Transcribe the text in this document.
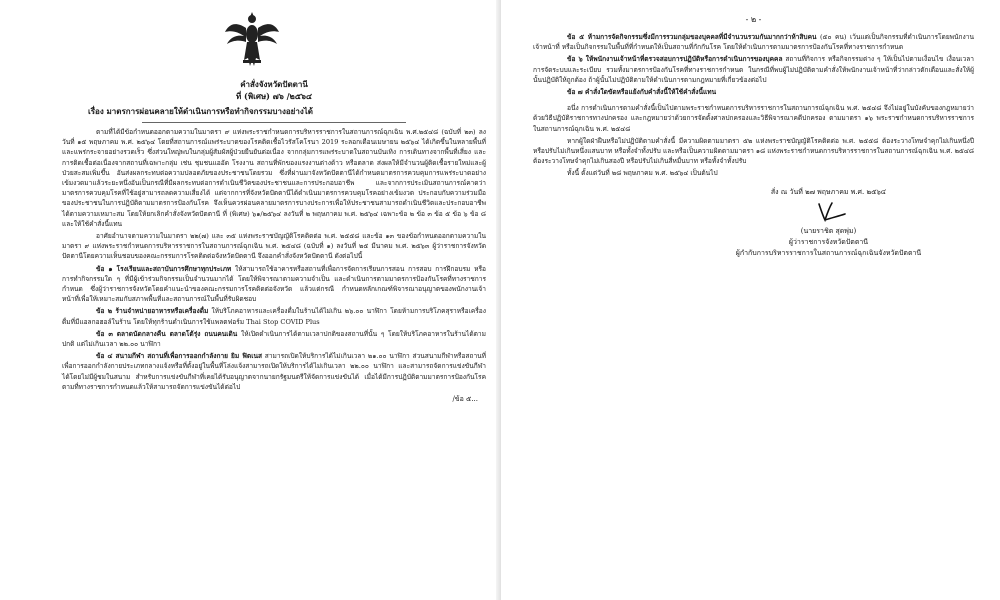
คำสั่งจังหวัดปัตตานี
ที่ (พิเศษ) ๗๖ /๒๕๖๔
เรื่อง มาตรการผ่อนคลายให้ดำเนินการหรือทำกิจกรรมบางอย่างได้

ตามที่ได้มีข้อกำหนดออกตามความในมาตรา ๙ แห่งพระราชกำหนดการบริหารราชการในสถานการณ์ฉุกเฉิน พ.ศ.๒๕๔๘ (ฉบับที่ ๒๓) ลงวันที่ ๑๕ พฤษภาคม พ.ศ. ๒๕๖๔ โดยที่สถานการณ์แพร่ระบาดของโรคติดเชื้อไวรัสโคโรนา 2019 ระลอกเดือนเมษายน ๒๕๖๔ ได้เกิดขึ้นในหลายพื้นที่และแพร่กระจายอย่างรวดเร็ว ซึ่งส่วนใหญ่พบในกลุ่มผู้สัมผัสผู้ป่วยยืนยันต่อเนื่อง จากกลุ่มการแพร่ระบาดในสถานบันเทิง การเดินทางจากพื้นที่เสี่ยง และการติดเชื้อต่อเนื่องจากสถานที่เฉพาะกลุ่ม เช่น ชุมชนแออัด โรงงาน สถานที่พักของแรงงานต่างด้าว หรือตลาด ส่งผลให้มีจำนวนผู้ติดเชื้อรายใหม่และผู้ป่วยสะสมเพิ่มขึ้น อันส่งผลกระทบต่อความปลอดภัยของประชาชนโดยรวม ซึ่งที่ผ่านมาจังหวัดปัตตานีได้กำหนดมาตรการควบคุมการแพร่ระบาดอย่างเข้มงวดมาแล้วระยะหนึ่งอันเป็นกรณีที่มีผลกระทบต่อการดำเนินชีวิตของประชาชนและการประกอบอาชีพ และจากการประเมินสถานการณ์คาดว่ามาตรการควบคุมโรคที่ใช้อยู่สามารถลดความเสี่ยงได้ แต่จากการที่จังหวัดปัตตานีได้ดำเนินมาตรการควบคุมโรคอย่างเข้มงวด ประกอบกับความร่วมมือของประชาชนในการปฏิบัติตามมาตรการป้องกันโรค จึงเห็นควรผ่อนคลายมาตรการบางประการเพื่อให้ประชาชนสามารถดำเนินชีวิตและประกอบอาชีพได้ตามความเหมาะสม โดยให้ยกเลิกคำสั่งจังหวัดปัตตานี ที่ (พิเศษ) ๖๑/๒๕๖๔ ลงวันที่ ๒ พฤษภาคม พ.ศ. ๒๕๖๔ เฉพาะข้อ ๒ ข้อ ๓ ข้อ ๕ ข้อ ๖ ข้อ ๘ และให้ใช้คำสั่งนี้แทน

อาศัยอำนาจตามความในมาตรา ๒๒(๗) และ ๓๕ แห่งพระราชบัญญัติโรคติดต่อ พ.ศ. ๒๕๕๘ และข้อ ๑๓ ของข้อกำหนดออกตามความในมาตรา ๙ แห่งพระราชกำหนดการบริหารราชการในสถานการณ์ฉุกเฉิน พ.ศ. ๒๕๔๘ (ฉบับที่ ๑) ลงวันที่ ๒๕ มีนาคม พ.ศ. ๒๕๖๓ ผู้ว่าราชการจังหวัดปัตตานีโดยความเห็นชอบของคณะกรรมการโรคติดต่อจังหวัดปัตตานี จึงออกคำสั่งจังหวัดปัตตานี ดังต่อไปนี้

ข้อ ๑ โรงเรียนและสถาบันการศึกษาทุกประเภท ให้สามารถใช้อาคารหรือสถานที่เพื่อการจัดการเรียนการสอน การสอบ การฝึกอบรม หรือการทำกิจกรรมใด ๆ ที่มีผู้เข้าร่วมกิจกรรมเป็นจำนวนมากได้ โดยให้พิจารณาตามความจำเป็น และดำเนินการตามมาตรการป้องกันโรคที่ทางราชการกำหนด ซึ่งผู้ว่าราชการจังหวัดโดยคำแนะนำของคณะกรรมการโรคติดต่อจังหวัด แล้วแต่กรณี กำหนดหลักเกณฑ์พิจารณาอนุญาตของพนักงานเจ้าหน้าที่เพื่อให้เหมาะสมกับสภาพพื้นที่และสถานการณ์ในพื้นที่รับผิดชอบ

ข้อ ๒ ร้านจำหน่ายอาหารหรือเครื่องดื่ม ให้บริโภคอาหารและเครื่องดื่มในร้านได้ไม่เกิน ๒๖.๐๐ นาฬิกา โดยห้ามการบริโภคสุราหรือเครื่องดื่มที่มีแอลกอฮอล์ในร้าน โดยให้ทุกร้านดำเนินการใช้แพลตฟอร์ม Thai Stop COVID Plus

ข้อ ๓ ตลาดนัดกลางคืน ตลาดโต้รุ่ง ถนนคนเดิน ให้เปิดดำเนินการได้ตามเวลาปกติของสถานที่นั้น ๆ โดยให้บริโภคอาหารในร้านได้ตามปกติ แต่ไม่เกินเวลา ๒๒.๐๐ นาฬิกา

ข้อ ๔ สนามกีฬา สถานที่เพื่อการออกกำลังกาย ยิม ฟิตเนส สามารถเปิดให้บริการได้ไม่เกินเวลา ๒๑.๐๐ นาฬิกา ส่วนสนามกีฬาหรือสถานที่เพื่อการออกกำลังกายประเภทกลางแจ้งหรือที่ตั้งอยู่ในพื้นที่โล่งแจ้งสามารถเปิดให้บริการได้ไม่เกินเวลา ๒๒.๐๐ นาฬิกา และสามารถจัดการแข่งขันกีฬาได้โดยไม่มีผู้ชมในสนาม สำหรับการแข่งขันกีฬาที่เคยได้รับอนุญาตจากนายกรัฐมนตรีให้จัดการแข่งขันได้ เมื่อได้มีการปฏิบัติตามมาตรการป้องกันโรคตามที่ทางราชการกำหนดแล้วให้สามารถจัดการแข่งขันได้ต่อไป

/ข้อ ๕...
- ๒ -

ข้อ ๕ ห้ามการจัดกิจกรรมซึ่งมีการรวมกลุ่มของบุคคลที่มีจำนวนรวมกันมากกว่าห้าสิบคน (๕๐ คน) เว้นแต่เป็นกิจกรรมที่ดำเนินการโดยพนักงานเจ้าหน้าที่ หรือเป็นกิจกรรมในพื้นที่ที่กำหนดให้เป็นสถานที่กักกันโรค โดยให้ดำเนินการตามมาตรการป้องกันโรคที่ทางราชการกำหนด

ข้อ ๖ ให้พนักงานเจ้าหน้าที่ตรวจสอบการปฏิบัติหรือการดำเนินการของบุคคล สถานที่กิจการ หรือกิจกรรมต่าง ๆ ให้เป็นไปตามเงื่อนไข เงื่อนเวลา การจัดระบบและระเบียบ รวมทั้งมาตรการป้องกันโรคที่ทางราชการกำหนด ในกรณีที่พบผู้ไม่ปฏิบัติตามคำสั่งให้พนักงานเจ้าหน้าที่ว่ากล่าวตักเตือนและสั่งให้ผู้นั้นปฏิบัติให้ถูกต้อง ถ้าผู้นั้นไม่ปฏิบัติตามให้ดำเนินการตามกฎหมายที่เกี่ยวข้องต่อไป

ข้อ ๗ คำสั่งใดขัดหรือแย้งกับคำสั่งนี้ให้ใช้คำสั่งนี้แทน

อนึ่ง การดำเนินการตามคำสั่งนี้เป็นไปตามพระราชกำหนดการบริหารราชการในสถานการณ์ฉุกเฉิน พ.ศ. ๒๕๔๘ จึงไม่อยู่ในบังคับของกฎหมายว่าด้วยวิธีปฏิบัติราชการทางปกครอง และกฎหมายว่าด้วยการจัดตั้งศาลปกครองและวิธีพิจารณาคดีปกครอง ตามมาตรา ๑๖ พระราชกำหนดการบริหารราชการในสถานการณ์ฉุกเฉิน พ.ศ. ๒๕๔๘

หากผู้ใดฝ่าฝืนหรือไม่ปฏิบัติตามคำสั่งนี้ มีความผิดตามมาตรา ๕๒ แห่งพระราชบัญญัติโรคติดต่อ พ.ศ. ๒๕๕๘ ต้องระวางโทษจำคุกไม่เกินหนึ่งปี หรือปรับไม่เกินหนึ่งแสนบาท หรือทั้งจำทั้งปรับ และหรือเป็นความผิดตามมาตรา ๑๘ แห่งพระราชกำหนดการบริหารราชการในสถานการณ์ฉุกเฉิน พ.ศ. ๒๕๔๘ ต้องระวางโทษจำคุกไม่เกินสองปี หรือปรับไม่เกินสี่หมื่นบาท หรือทั้งจำทั้งปรับ

ทั้งนี้ ตั้งแต่วันที่ ๒๘ พฤษภาคม พ.ศ. ๒๕๖๔ เป็นต้นไป

สั่ง ณ วันที่ ๒๗ พฤษภาคม พ.ศ. ๒๕๖๔
(นายราชิต สุดพุ่ม)
ผู้ว่าราชการจังหวัดปัตตานี
ผู้กำกับการบริหารราชการในสถานการณ์ฉุกเฉินจังหวัดปัตตานี
